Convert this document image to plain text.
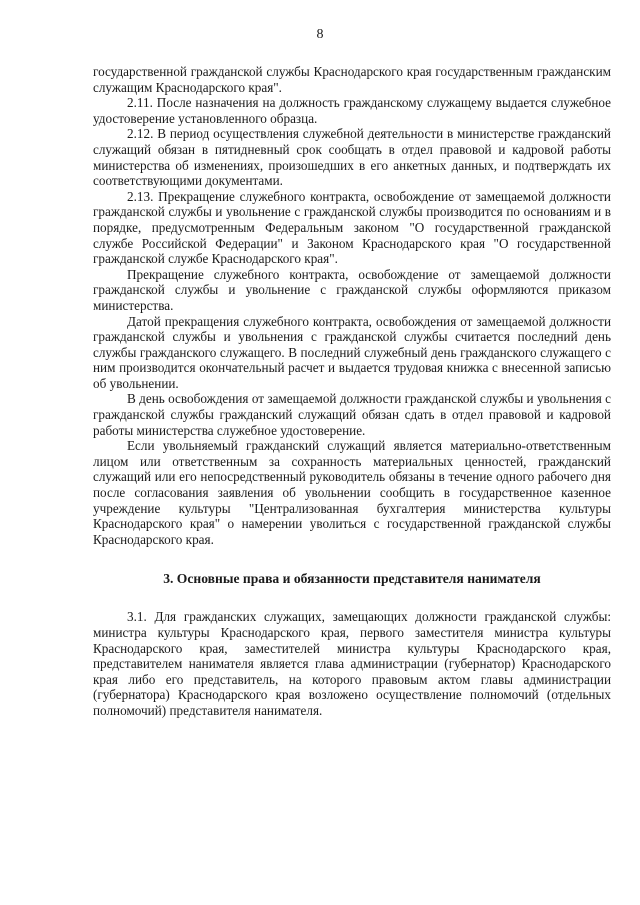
8

государственной гражданской службы Краснодарского края государственным гражданским служащим Краснодарского края".

2.11. После назначения на должность гражданскому служащему выдается служебное удостоверение установленного образца.

2.12. В период осуществления служебной деятельности в министерстве гражданский служащий обязан в пятидневный срок сообщать в отдел правовой и кадровой работы министерства об изменениях, произошедших в его анкетных данных, и подтверждать их соответствующими документами.

2.13. Прекращение служебного контракта, освобождение от замещаемой должности гражданской службы и увольнение с гражданской службы производится по основаниям и в порядке, предусмотренным Федеральным законом "О государственной гражданской службе Российской Федерации" и Законом Краснодарского края "О государственной гражданской службе Краснодарского края".

Прекращение служебного контракта, освобождение от замещаемой должности гражданской службы и увольнение с гражданской службы оформляются приказом министерства.

Датой прекращения служебного контракта, освобождения от замещаемой должности гражданской службы и увольнения с гражданской службы считается последний день службы гражданского служащего. В последний служебный день гражданского служащего с ним производится окончательный расчет и выдается трудовая книжка с внесенной записью об увольнении.

В день освобождения от замещаемой должности гражданской службы и увольнения с гражданской службы гражданский служащий обязан сдать в отдел правовой и кадровой работы министерства служебное удостоверение.

Если увольняемый гражданский служащий является материально-ответственным лицом или ответственным за сохранность материальных ценностей, гражданский служащий или его непосредственный руководитель обязаны в течение одного рабочего дня после согласования заявления об увольнении сообщить в государственное казенное учреждение культуры "Централизованная бухгалтерия министерства культуры Краснодарского края" о намерении уволиться с государственной гражданской службы Краснодарского края.

3. Основные права и обязанности представителя нанимателя

3.1. Для гражданских служащих, замещающих должности гражданской службы: министра культуры Краснодарского края, первого заместителя министра культуры Краснодарского края, заместителей министра культуры Краснодарского края, представителем нанимателя является глава администрации (губернатор) Краснодарского края либо его представитель, на которого правовым актом главы администрации (губернатора) Краснодарского края возложено осуществление полномочий (отдельных полномочий) представителя нанимателя.
